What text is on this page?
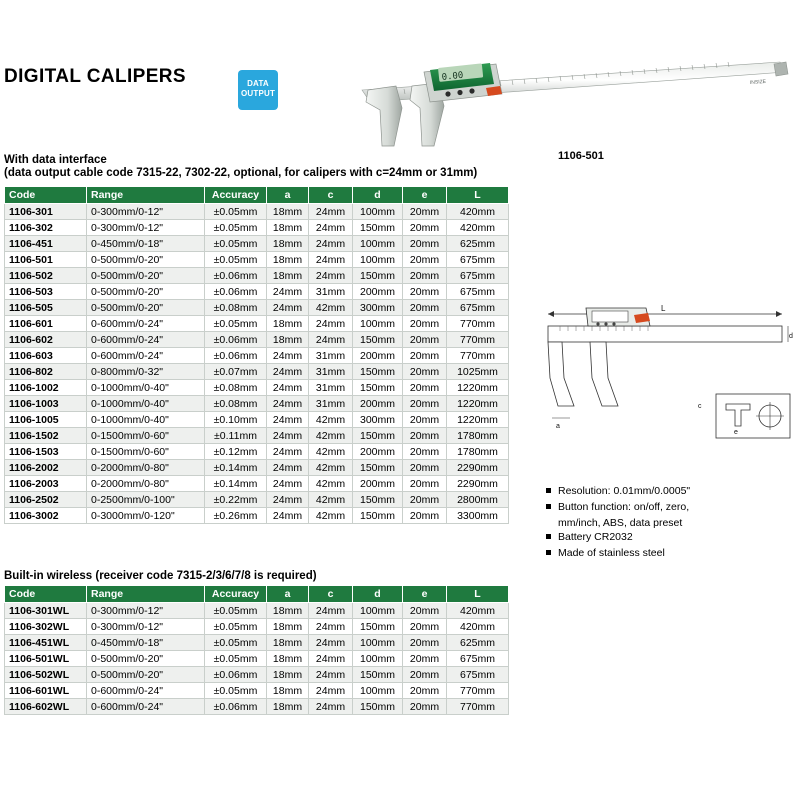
DIGITAL CALIPERS	DATA
OUTPUT
0.00	INSIZE
1106-501
With data interface
(data output cable code 7315-22, 7302-22, optional, for calipers with c=24mm or 31mm)
Code	Range	Accuracy	a	c	d	e	L
1106-301	0-300mm/0-12"	±0.05mm	18mm	24mm	100mm	20mm	420mm
1106-302	0-300mm/0-12"	±0.05mm	18mm	24mm	150mm	20mm	420mm
1106-451	0-450mm/0-18"	±0.05mm	18mm	24mm	100mm	20mm	625mm
1106-501	0-500mm/0-20"	±0.05mm	18mm	24mm	100mm	20mm	675mm
1106-502	0-500mm/0-20"	±0.06mm	18mm	24mm	150mm	20mm	675mm
1106-503	0-500mm/0-20"	±0.06mm	24mm	31mm	200mm	20mm	675mm
1106-505	0-500mm/0-20"	±0.08mm	24mm	42mm	300mm	20mm	675mm
1106-601	0-600mm/0-24"	±0.05mm	18mm	24mm	100mm	20mm	770mm
1106-602	0-600mm/0-24"	±0.06mm	18mm	24mm	150mm	20mm	770mm
1106-603	0-600mm/0-24"	±0.06mm	24mm	31mm	200mm	20mm	770mm
1106-802	0-800mm/0-32"	±0.07mm	24mm	31mm	150mm	20mm	1025mm
1106-1002	0-1000mm/0-40"	±0.08mm	24mm	31mm	150mm	20mm	1220mm
1106-1003	0-1000mm/0-40"	±0.08mm	24mm	31mm	200mm	20mm	1220mm
1106-1005	0-1000mm/0-40"	±0.10mm	24mm	42mm	300mm	20mm	1220mm
1106-1502	0-1500mm/0-60"	±0.11mm	24mm	42mm	150mm	20mm	1780mm
1106-1503	0-1500mm/0-60"	±0.12mm	24mm	42mm	200mm	20mm	1780mm
1106-2002	0-2000mm/0-80"	±0.14mm	24mm	42mm	150mm	20mm	2290mm
1106-2003	0-2000mm/0-80"	±0.14mm	24mm	42mm	200mm	20mm	2290mm
1106-2502	0-2500mm/0-100"	±0.22mm	24mm	42mm	150mm	20mm	2800mm
1106-3002	0-3000mm/0-120"	±0.26mm	24mm	42mm	150mm	20mm	3300mm
Built-in wireless (receiver code 7315-2/3/6/7/8 is required)
Code	Range	Accuracy	a	c	d	e	L
1106-301WL	0-300mm/0-12"	±0.05mm	18mm	24mm	100mm	20mm	420mm
1106-302WL	0-300mm/0-12"	±0.05mm	18mm	24mm	150mm	20mm	420mm
1106-451WL	0-450mm/0-18"	±0.05mm	18mm	24mm	100mm	20mm	625mm
1106-501WL	0-500mm/0-20"	±0.05mm	18mm	24mm	100mm	20mm	675mm
1106-502WL	0-500mm/0-20"	±0.06mm	18mm	24mm	150mm	20mm	675mm
1106-601WL	0-600mm/0-24"	±0.05mm	18mm	24mm	100mm	20mm	770mm
1106-602WL	0-600mm/0-24"	±0.06mm	18mm	24mm	150mm	20mm	770mm
L
a
d
e
c
Resolution: 0.01mm/0.0005"
Button function: on/off, zero,
mm/inch, ABS, data preset
Battery CR2032
Made of stainless steel
